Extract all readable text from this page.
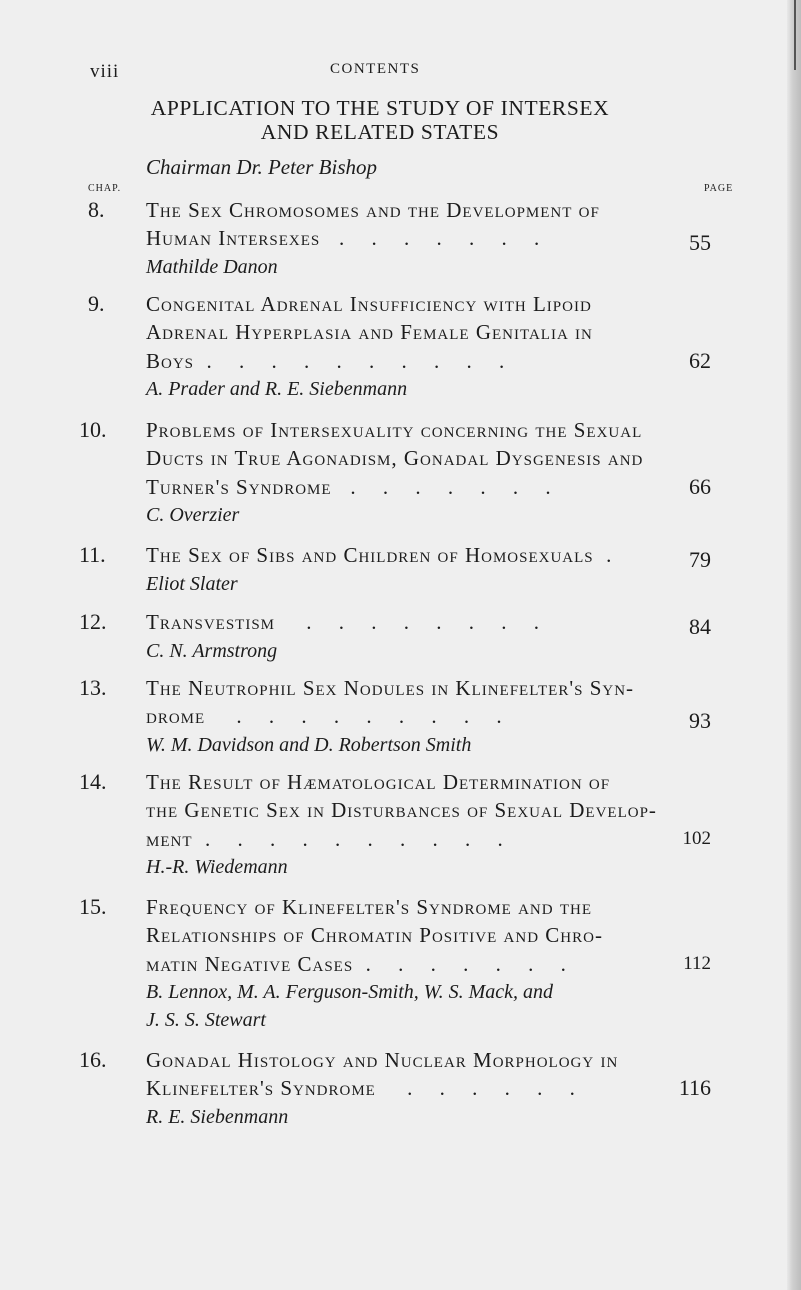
viii	CONTENTS
APPLICATION TO THE STUDY OF INTERSEX
AND RELATED STATES
Chairman Dr. Peter Bishop
CHAP.	PAGE
8. The Sex Chromosomes and the Development of
Human Intersexes . . . . . . .	55
Mathilde Danon
9. Congenital Adrenal Insufficiency with Lipoid
Adrenal Hyperplasia and Female Genitalia in
Boys . . . . . . . . . .	62
A. Prader and R. E. Siebenmann
10. Problems of Intersexuality concerning the Sexual
Ducts in True Agonadism, Gonadal Dysgenesis and
Turner's Syndrome . . . . . . .	66
C. Overzier
11. The Sex of Sibs and Children of Homosexuals .	79
Eliot Slater
12. Transvestism . . . . . . . .	84
C. N. Armstrong
13. The Neutrophil Sex Nodules in Klinefelter's Syn-
drome . . . . . . . . .	93
W. M. Davidson and D. Robertson Smith
14. The Result of Hæmatological Determination of
the Genetic Sex in Disturbances of Sexual Develop-
ment . . . . . . . . . .	102
H.-R. Wiedemann
15. Frequency of Klinefelter's Syndrome and the
Relationships of Chromatin Positive and Chro-
matin Negative Cases . . . . . . .	112
B. Lennox, M. A. Ferguson-Smith, W. S. Mack, and
J. S. S. Stewart
16. Gonadal Histology and Nuclear Morphology in
Klinefelter's Syndrome . . . . . .	116
R. E. Siebenmann
